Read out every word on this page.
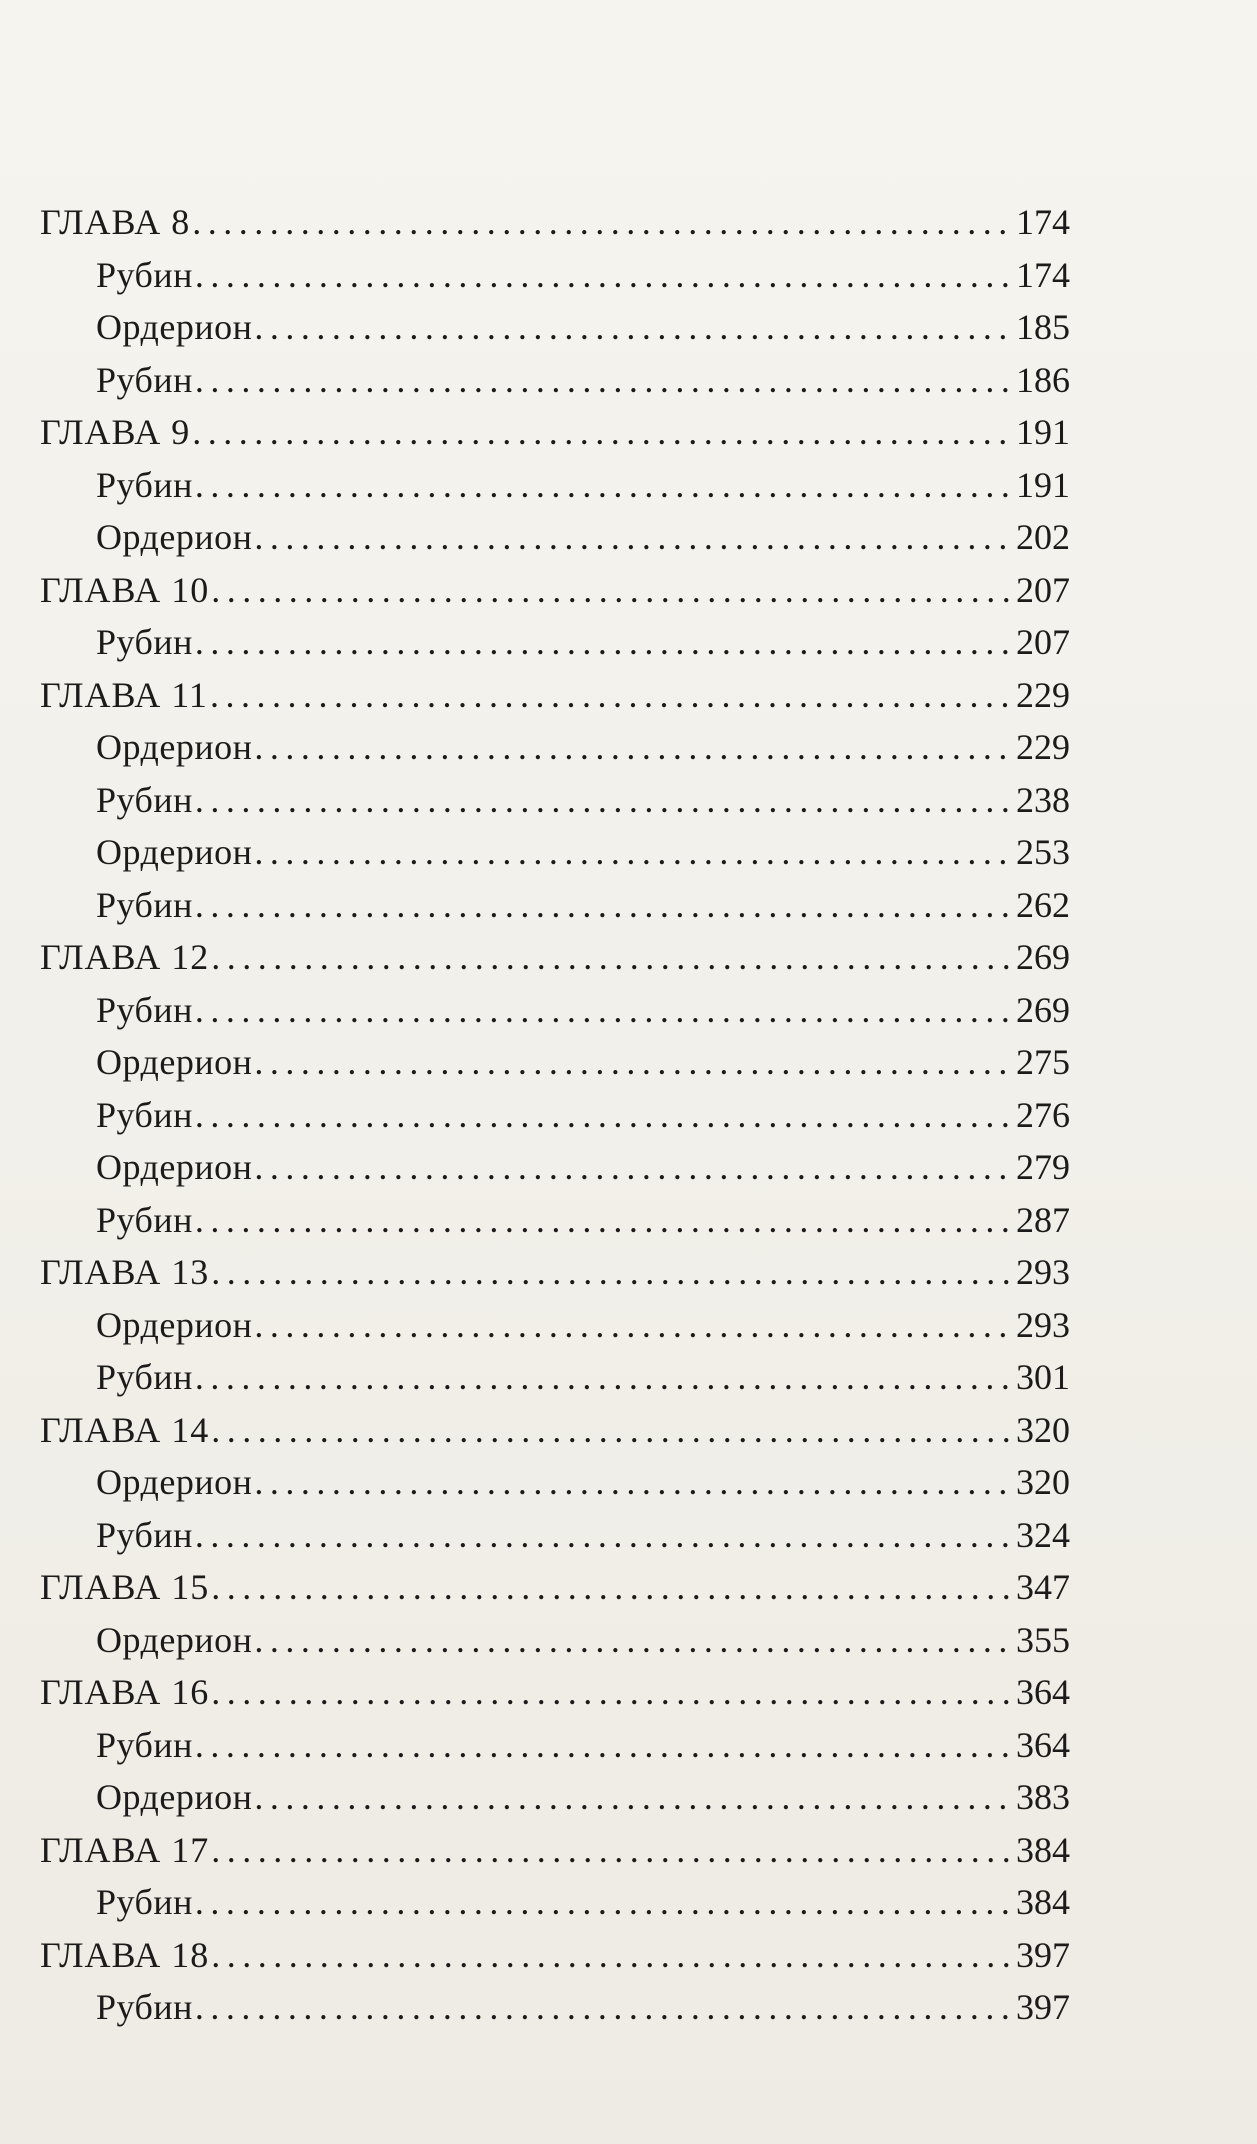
ГЛАВА 8 .....	174
Рубин .....	174
Ордерион .....	185
Рубин .....	186
ГЛАВА 9 .....	191
Рубин .....	191
Ордерион .....	202
ГЛАВА 10 .....	207
Рубин .....	207
ГЛАВА 11 .....	229
Ордерион .....	229
Рубин .....	238
Ордерион .....	253
Рубин .....	262
ГЛАВА 12 .....	269
Рубин .....	269
Ордерион .....	275
Рубин .....	276
Ордерион .....	279
Рубин .....	287
ГЛАВА 13 .....	293
Ордерион .....	293
Рубин .....	301
ГЛАВА 14 .....	320
Ордерион .....	320
Рубин .....	324
ГЛАВА 15 .....	347
Ордерион .....	355
ГЛАВА 16 .....	364
Рубин .....	364
Ордерион .....	383
ГЛАВА 17 .....	384
Рубин .....	384
ГЛАВА 18 .....	397
Рубин .....	397
